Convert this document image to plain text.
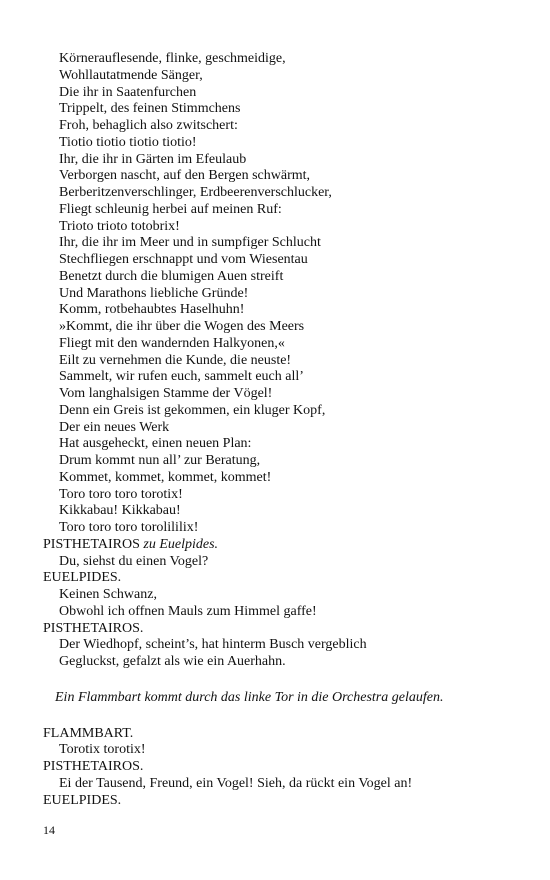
Körnerauflesende, flinke, geschmeidige,
Wohllautatmende Sänger,
Die ihr in Saatenfurchen
Trippelt, des feinen Stimmchens
Froh, behaglich also zwitschert:
Tiotio tiotio tiotio tiotio!
Ihr, die ihr in Gärten im Efeulaub
Verborgen nascht, auf den Bergen schwärmt,
Berberitzenverschlinger, Erdbeerenverschlucker,
Fliegt schleunig herbei auf meinen Ruf:
Trioto trioto totobrix!
Ihr, die ihr im Meer und in sumpfiger Schlucht
Stechfliegen erschnappt und vom Wiesentau
Benetzt durch die blumigen Auen streift
Und Marathons liebliche Gründe!
Komm, rotbehaubtes Haselhuhn!
»Kommt, die ihr über die Wogen des Meers
Fliegt mit den wandernden Halkyonen,«
Eilt zu vernehmen die Kunde, die neuste!
Sammelt, wir rufen euch, sammelt euch all’
Vom langhalsigen Stamme der Vögel!
Denn ein Greis ist gekommen, ein kluger Kopf,
Der ein neues Werk
Hat ausgeheckt, einen neuen Plan:
Drum kommt nun all’ zur Beratung,
Kommet, kommet, kommet, kommet!
Toro toro toro torotix!
Kikkabau! Kikkabau!
Toro toro toro torolililix!
PISTHETAIROS zu Euelpides.
Du, siehst du einen Vogel?
EUELPIDES.
Keinen Schwanz,
Obwohl ich offnen Mauls zum Himmel gaffe!
PISTHETAIROS.
Der Wiedhopf, scheint’s, hat hinterm Busch vergeblich
Gegluckst, gefalzt als wie ein Auerhahn.
Ein Flammbart kommt durch das linke Tor in die Orchestra gelaufen.
FLAMMBART.
Torotix torotix!
PISTHETAIROS.
Ei der Tausend, Freund, ein Vogel! Sieh, da rückt ein Vogel an!
EUELPIDES.
14
